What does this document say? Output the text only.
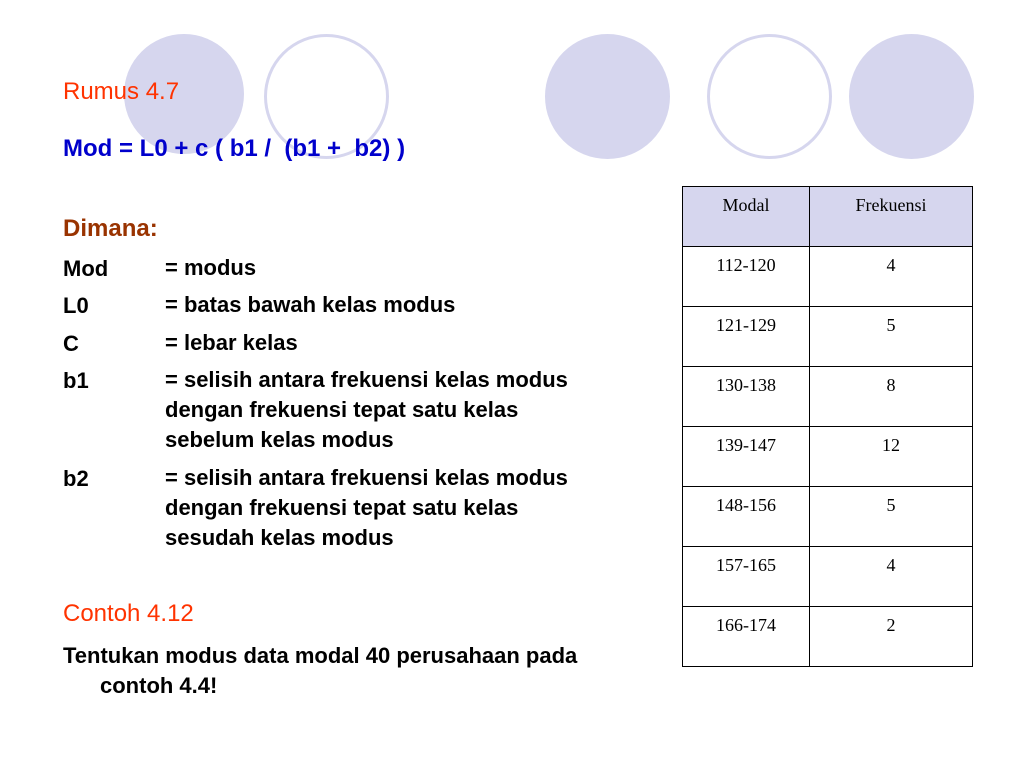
Rumus 4.7
Mod = L0 + c ( b1 /  (b1 +  b2) )
Dimana:
Mod	= modus
L0	= batas bawah kelas modus
C	= lebar kelas
b1	= selisih antara frekuensi kelas modus dengan frekuensi tepat satu kelas sebelum kelas modus
b2	= selisih antara frekuensi kelas modus dengan frekuensi tepat satu kelas sesudah kelas modus
Contoh 4.12
Tentukan modus data modal 40 perusahaan pada contoh 4.4!
Modal	Frekuensi
112-120	4
121-129	5
130-138	8
139-147	12
148-156	5
157-165	4
166-174	2
